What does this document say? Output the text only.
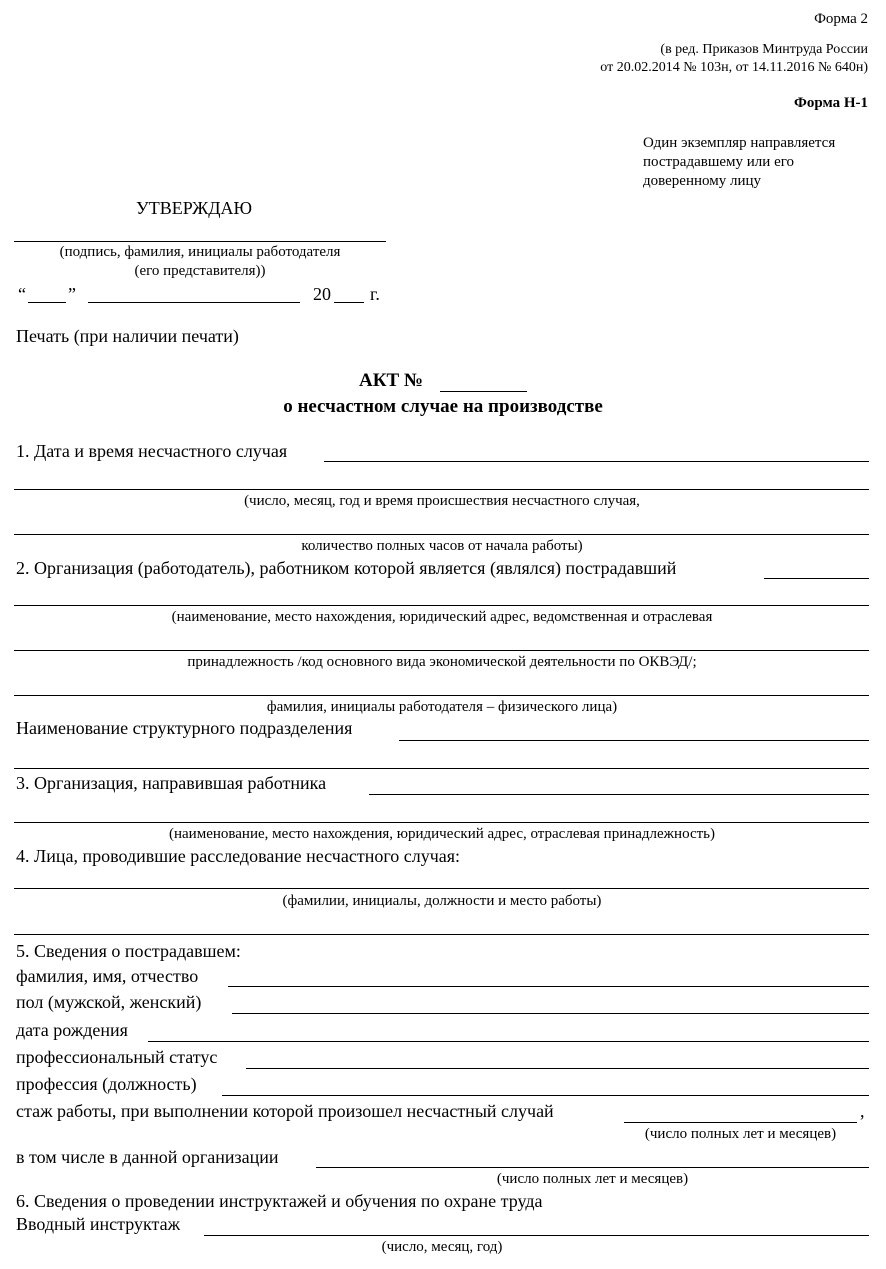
Форма 2
(в ред. Приказов Минтруда России
от 20.02.2014 № 103н, от 14.11.2016 № 640н)
Форма Н-1
Один экземпляр направляется
пострадавшему или его
доверенному лицу
УТВЕРЖДАЮ
(подпись, фамилия, инициалы работодателя
(его представителя))
“ ”	20 г.
Печать (при наличии печати)
АКТ №
о несчастном случае на производстве
1. Дата и время несчастного случая
(число, месяц, год и время происшествия несчастного случая,
количество полных часов от начала работы)
2. Организация (работодатель), работником которой является (являлся) пострадавший
(наименование, место нахождения, юридический адрес, ведомственная и отраслевая
принадлежность /код основного вида экономической деятельности по ОКВЭД/;
фамилия, инициалы работодателя – физического лица)
Наименование структурного подразделения
3. Организация, направившая работника
(наименование, место нахождения, юридический адрес, отраслевая принадлежность)
4. Лица, проводившие расследование несчастного случая:
(фамилии, инициалы, должности и место работы)
5. Сведения о пострадавшем:
фамилия, имя, отчество
пол (мужской, женский)
дата рождения
профессиональный статус
профессия (должность)
стаж работы, при выполнении которой произошел несчастный случай	,
(число полных лет и месяцев)
в том числе в данной организации
(число полных лет и месяцев)
6. Сведения о проведении инструктажей и обучения по охране труда
Вводный инструктаж
(число, месяц, год)
